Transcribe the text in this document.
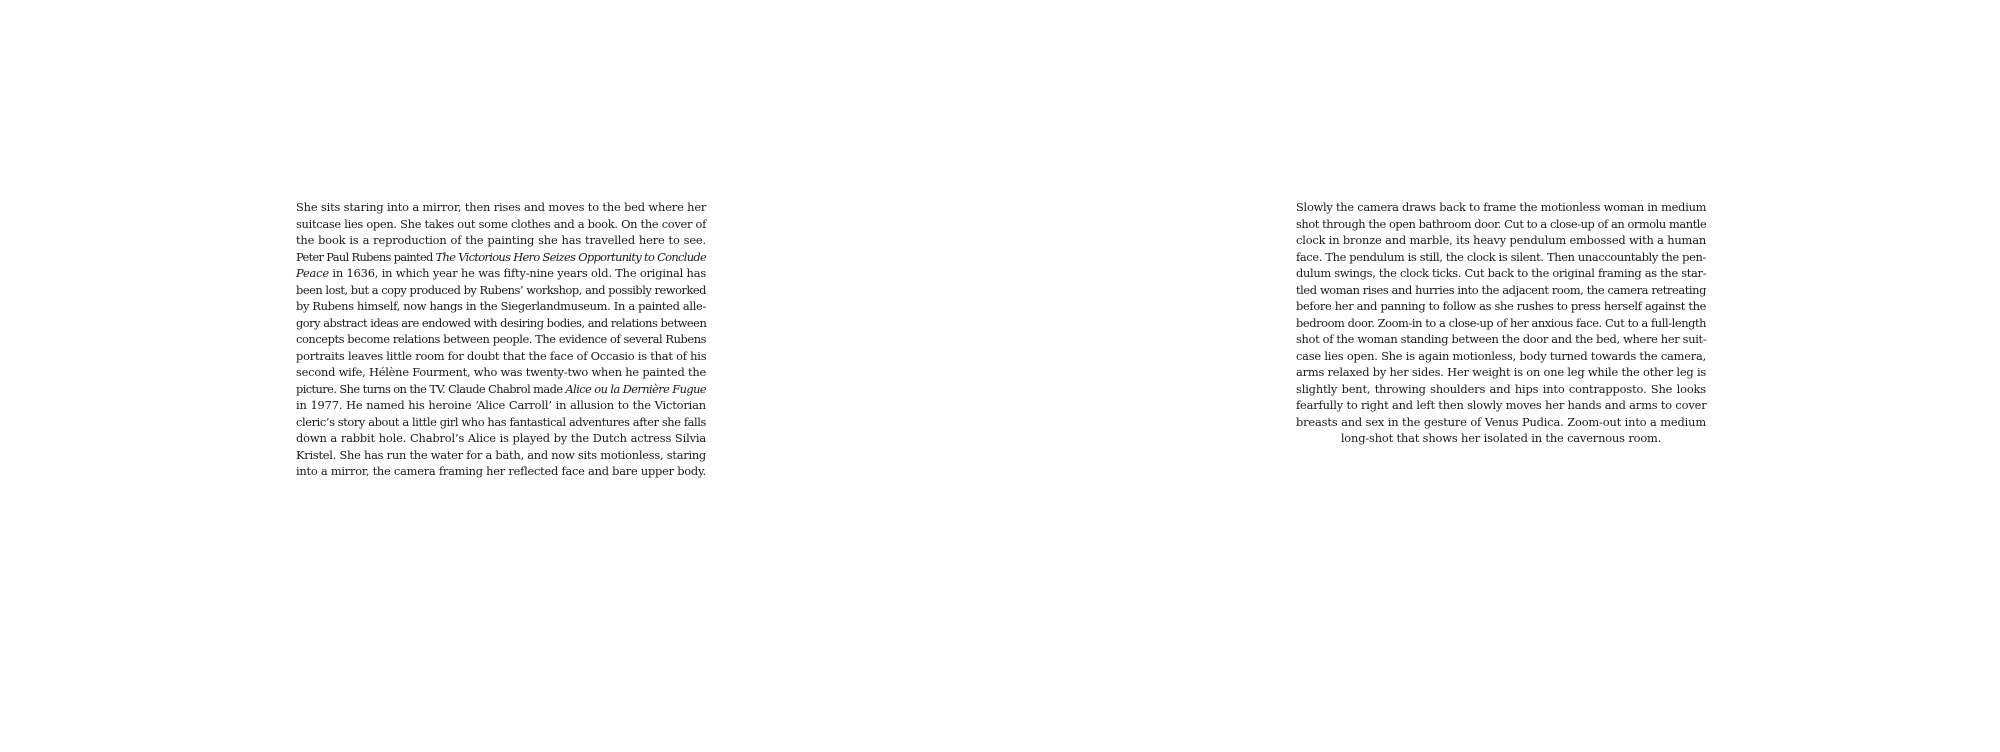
She sits staring into a mirror, then rises and moves to the bed where her
suitcase lies open. She takes out some clothes and a book. On the cover of
the book is a reproduction of the painting she has travelled here to see.
Peter Paul Rubens painted The Victorious Hero Seizes Opportunity to Conclude
Peace in 1636, in which year he was fifty-nine years old. The original has
been lost, but a copy produced by Rubens’ workshop, and possibly reworked
by Rubens himself, now hangs in the Siegerlandmuseum. In a painted alle-
gory abstract ideas are endowed with desiring bodies, and relations between
concepts become relations between people. The evidence of several Rubens
portraits leaves little room for doubt that the face of Occasio is that of his
second wife, Hélène Fourment, who was twenty-two when he painted the
picture. She turns on the TV. Claude Chabrol made Alice ou la Dernière Fugue
in 1977. He named his heroine ‘Alice Carroll’ in allusion to the Victorian
cleric’s story about a little girl who has fantastical adventures after she falls
down a rabbit hole. Chabrol’s Alice is played by the Dutch actress Silvia
Kristel. She has run the water for a bath, and now sits motionless, staring
into a mirror, the camera framing her reflected face and bare upper body.
Slowly the camera draws back to frame the motionless woman in medium
shot through the open bathroom door. Cut to a close-up of an ormolu mantle
clock in bronze and marble, its heavy pendulum embossed with a human
face. The pendulum is still, the clock is silent. Then unaccountably the pen-
dulum swings, the clock ticks. Cut back to the original framing as the star-
tled woman rises and hurries into the adjacent room, the camera retreating
before her and panning to follow as she rushes to press herself against the
bedroom door. Zoom-in to a close-up of her anxious face. Cut to a full-length
shot of the woman standing between the door and the bed, where her suit-
case lies open. She is again motionless, body turned towards the camera,
arms relaxed by her sides. Her weight is on one leg while the other leg is
slightly bent, throwing shoulders and hips into contrapposto. She looks
fearfully to right and left then slowly moves her hands and arms to cover
breasts and sex in the gesture of Venus Pudica. Zoom-out into a medium
long-shot that shows her isolated in the cavernous room.
